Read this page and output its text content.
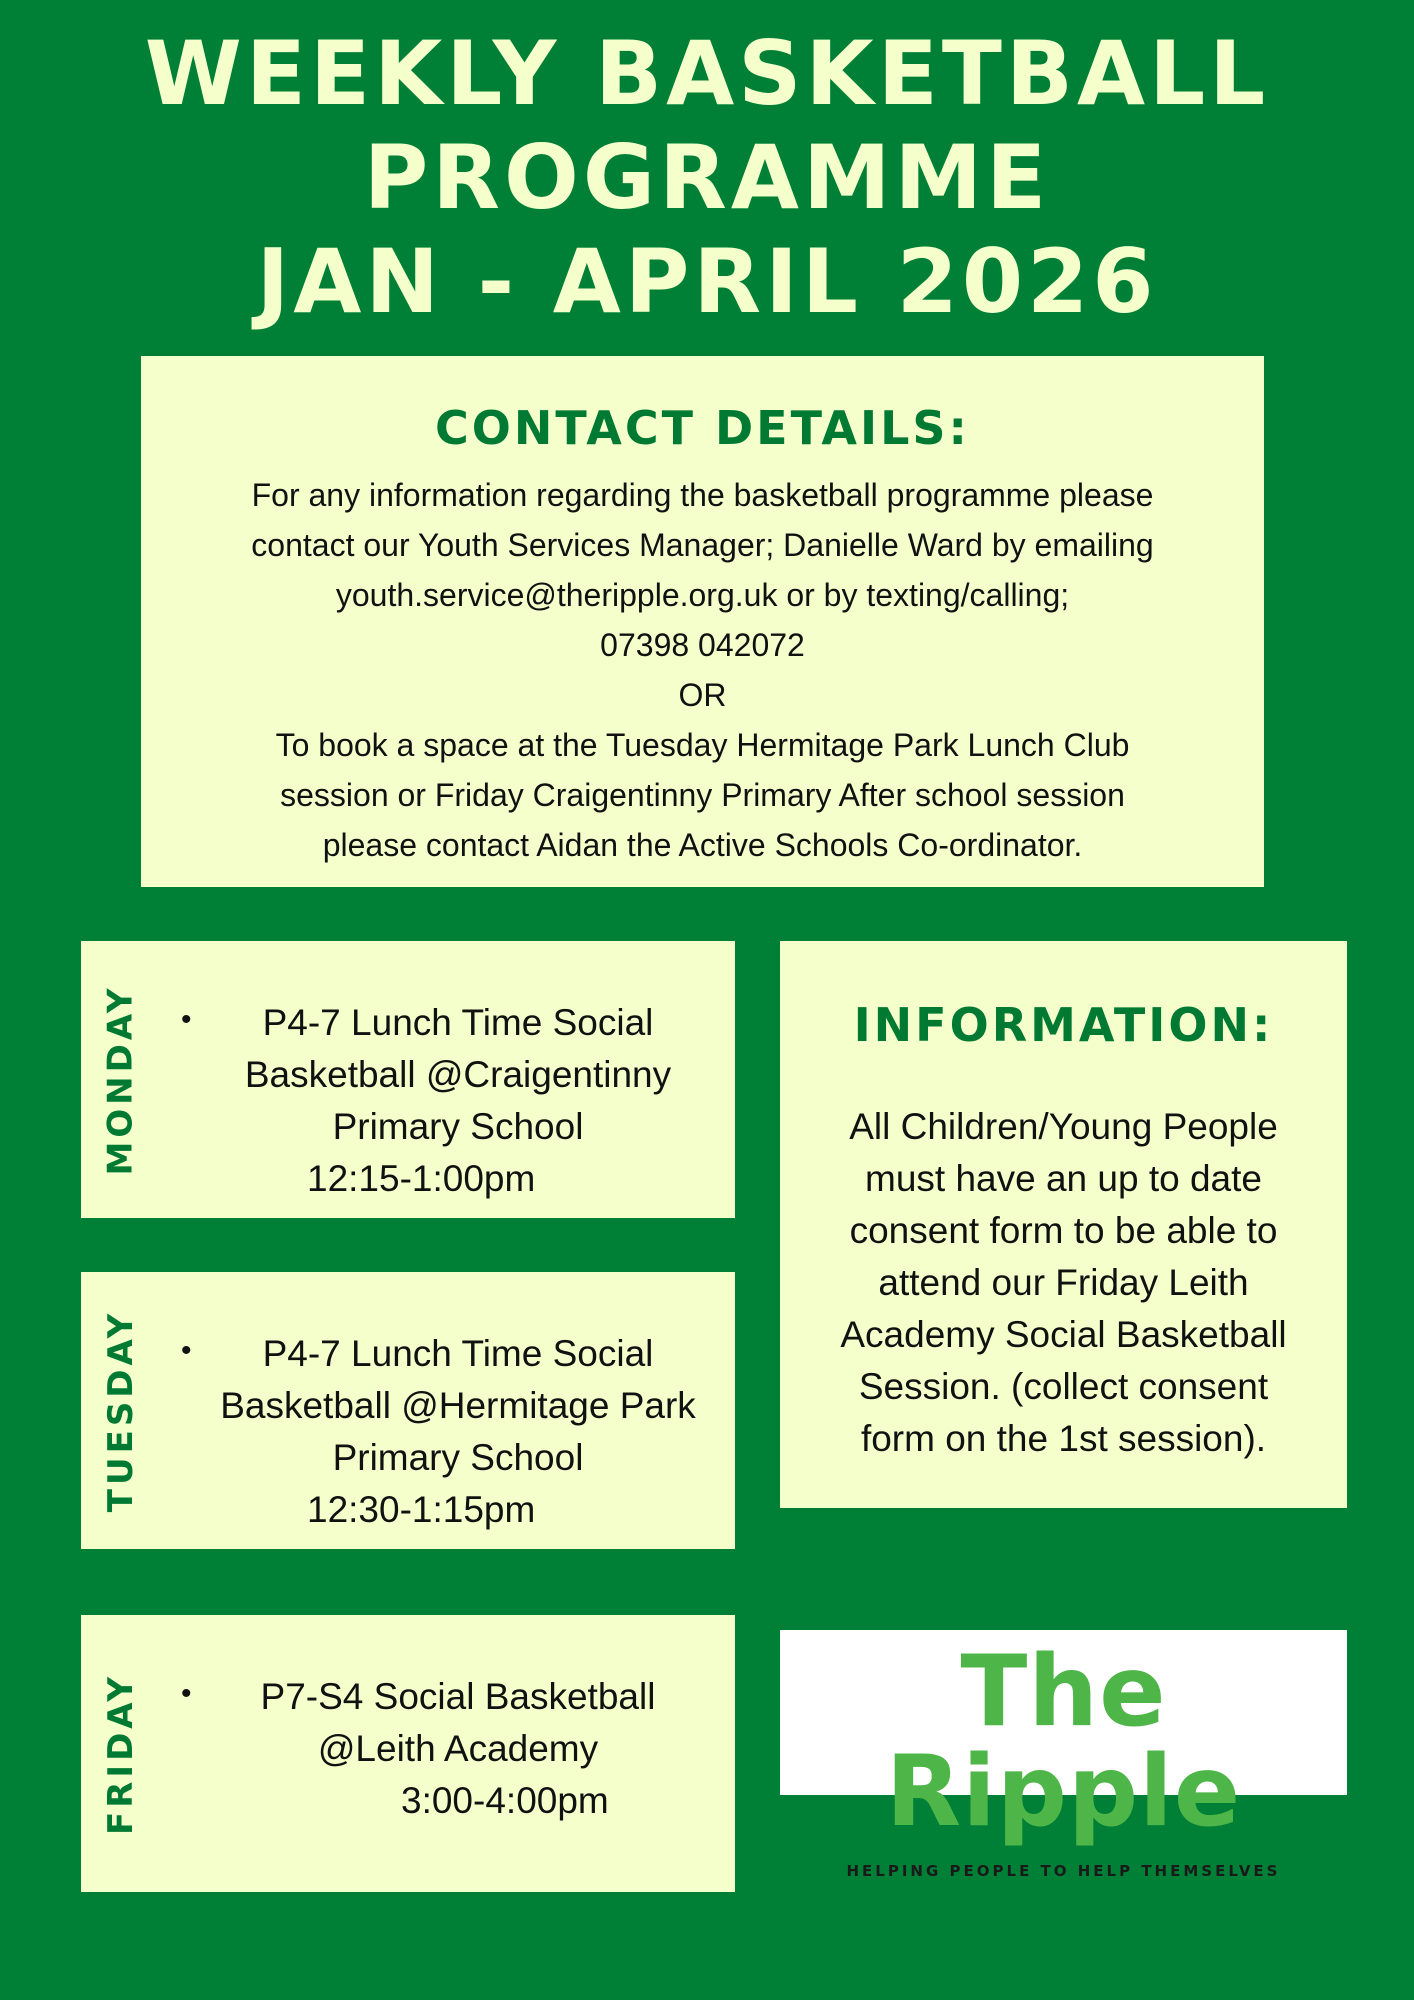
WEEKLY BASKETBALL
PROGRAMME
JAN - APRIL 2026
CONTACT DETAILS:
For any information regarding the basketball programme please
contact our Youth Services Manager; Danielle Ward by emailing
youth.service@theripple.org.uk or by texting/calling;
07398 042072
OR
To book a space at the Tuesday Hermitage Park Lunch Club
session or Friday Craigentinny Primary After school session
please contact Aidan the Active Schools Co-ordinator.
MONDAY •	P4-7 Lunch Time Social
Basketball @Craigentinny
Primary School
12:15-1:00pm
TUESDAY •	P4-7 Lunch Time Social
Basketball @Hermitage Park
Primary School
12:30-1:15pm
FRIDAY •	P7-S4 Social Basketball
@Leith Academy
3:00-4:00pm
INFORMATION:
All Children/Young People
must have an up to date
consent form to be able to
attend our Friday Leith
Academy Social Basketball
Session. (collect consent
form on the 1st session).
The Ripple
HELPING PEOPLE TO HELP THEMSELVES
